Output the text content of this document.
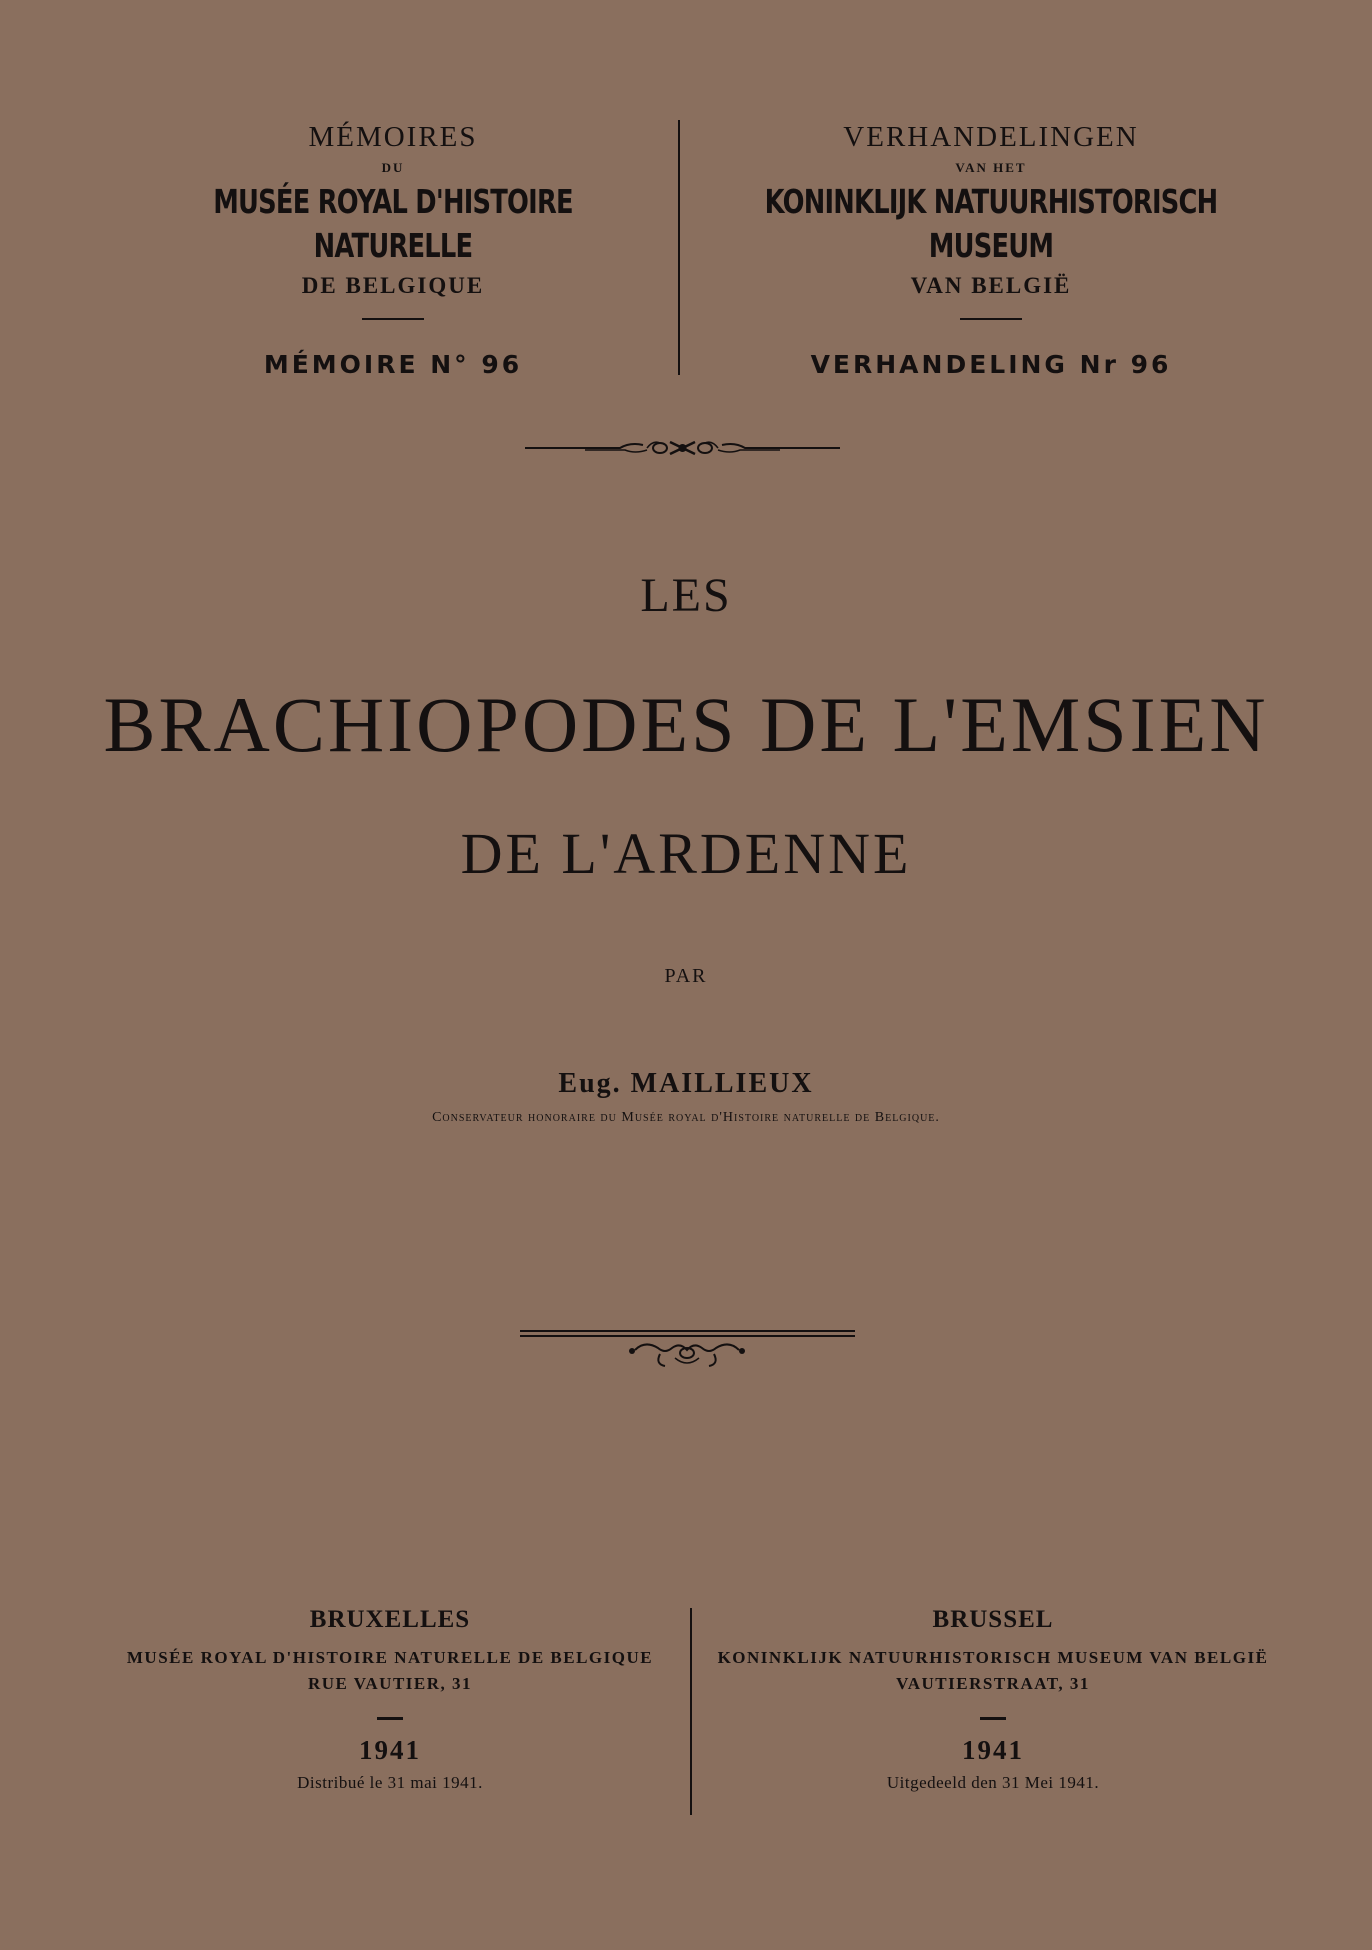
MÉMOIRES
DU
MUSÉE ROYAL D'HISTOIRE NATURELLE
DE BELGIQUE
MÉMOIRE N° 96
VERHANDELINGEN
VAN HET
KONINKLIJK NATUURHISTORISCH MUSEUM
VAN BELGIË
VERHANDELING Nr 96
LES
BRACHIOPODES DE L'EMSIEN
DE L'ARDENNE
PAR
Eug. MAILLIEUX
Conservateur honoraire du Musée royal d'Histoire naturelle de Belgique.
BRUXELLES
MUSÉE ROYAL D'HISTOIRE NATURELLE DE BELGIQUE
RUE VAUTIER, 31
1941
Distribué le 31 mai 1941.
BRUSSEL
KONINKLIJK NATUURHISTORISCH MUSEUM VAN BELGIË
VAUTIERSTRAAT, 31
1941
Uitgedeeld den 31 Mei 1941.
